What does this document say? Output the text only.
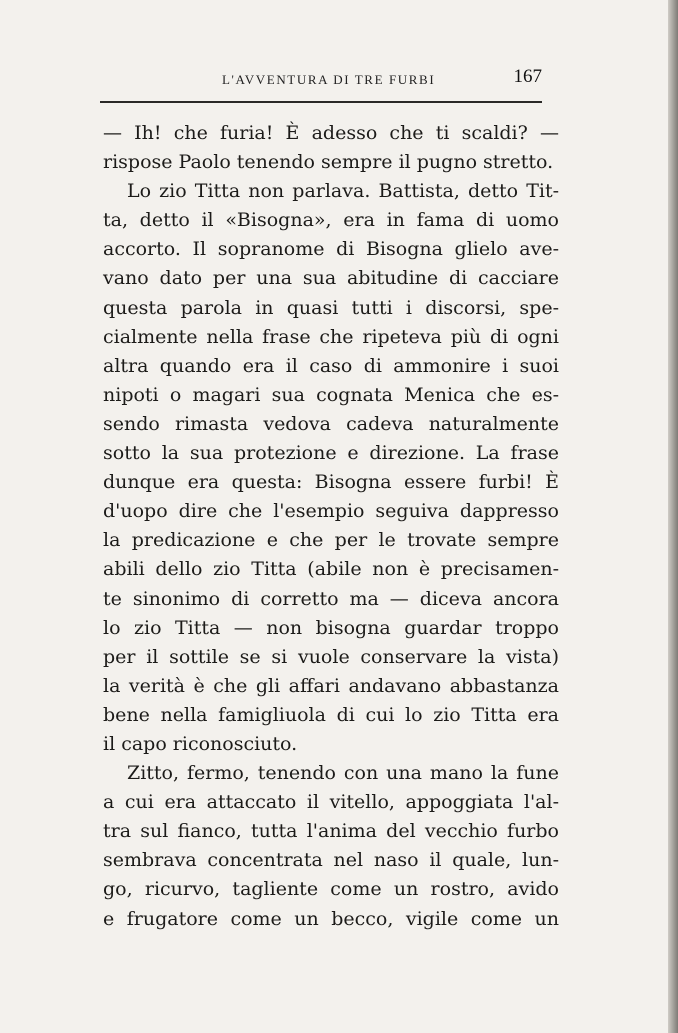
L'AVVENTURA DI TRE FURBI	167
— Ih! che furia! È adesso che ti scaldi? —
rispose Paolo tenendo sempre il pugno stretto.
Lo zio Titta non parlava. Battista, detto Tit-
ta, detto il «Bisogna», era in fama di uomo
accorto. Il sopranome di Bisogna glielo ave-
vano dato per una sua abitudine di cacciare
questa parola in quasi tutti i discorsi, spe-
cialmente nella frase che ripeteva più di ogni
altra quando era il caso di ammonire i suoi
nipoti o magari sua cognata Menica che es-
sendo rimasta vedova cadeva naturalmente
sotto la sua protezione e direzione. La frase
dunque era questa: Bisogna essere furbi! È
d'uopo dire che l'esempio seguiva dappresso
la predicazione e che per le trovate sempre
abili dello zio Titta (abile non è precisamen-
te sinonimo di corretto ma — diceva ancora
lo zio Titta — non bisogna guardar troppo
per il sottile se si vuole conservare la vista)
la verità è che gli affari andavano abbastanza
bene nella famigliuola di cui lo zio Titta era
il capo riconosciuto.
Zitto, fermo, tenendo con una mano la fune
a cui era attaccato il vitello, appoggiata l'al-
tra sul fianco, tutta l'anima del vecchio furbo
sembrava concentrata nel naso il quale, lun-
go, ricurvo, tagliente come un rostro, avido
e frugatore come un becco, vigile come un
